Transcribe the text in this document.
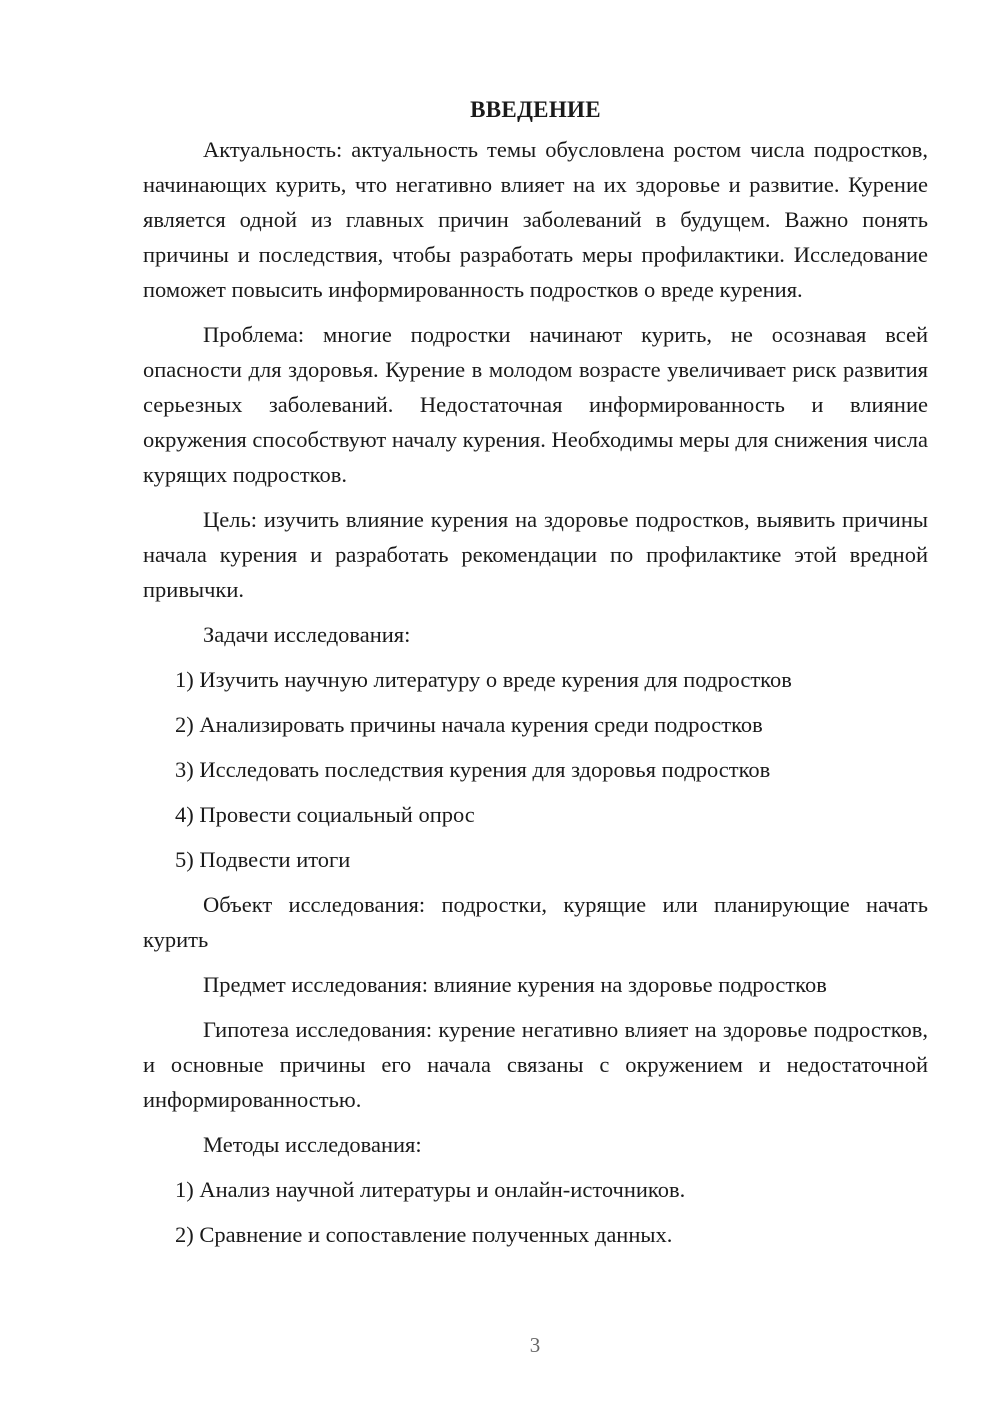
ВВЕДЕНИЕ

Актуальность: актуальность темы обусловлена ростом числа подростков, начинающих курить, что негативно влияет на их здоровье и развитие. Курение является одной из главных причин заболеваний в будущем. Важно понять причины и последствия, чтобы разработать меры профилактики. Исследование поможет повысить информированность подростков о вреде курения.

Проблема: многие подростки начинают курить, не осознавая всей опасности для здоровья. Курение в молодом возрасте увеличивает риск развития серьезных заболеваний. Недостаточная информированность и влияние окружения способствуют началу курения. Необходимы меры для снижения числа курящих подростков.

Цель: изучить влияние курения на здоровье подростков, выявить причины начала курения и разработать рекомендации по профилактике этой вредной привычки.

Задачи исследования:

1) Изучить научную литературу о вреде курения для подростков

2) Анализировать причины начала курения среди подростков

3) Исследовать последствия курения для здоровья подростков

4) Провести социальный опрос

5) Подвести итоги

Объект исследования: подростки, курящие или планирующие начать курить

Предмет исследования: влияние курения на здоровье подростков

Гипотеза исследования: курение негативно влияет на здоровье подростков, и основные причины его начала связаны с окружением и недостаточной информированностью.

Методы исследования:

1) Анализ научной литературы и онлайн-источников.

2) Сравнение и сопоставление полученных данных.

3
